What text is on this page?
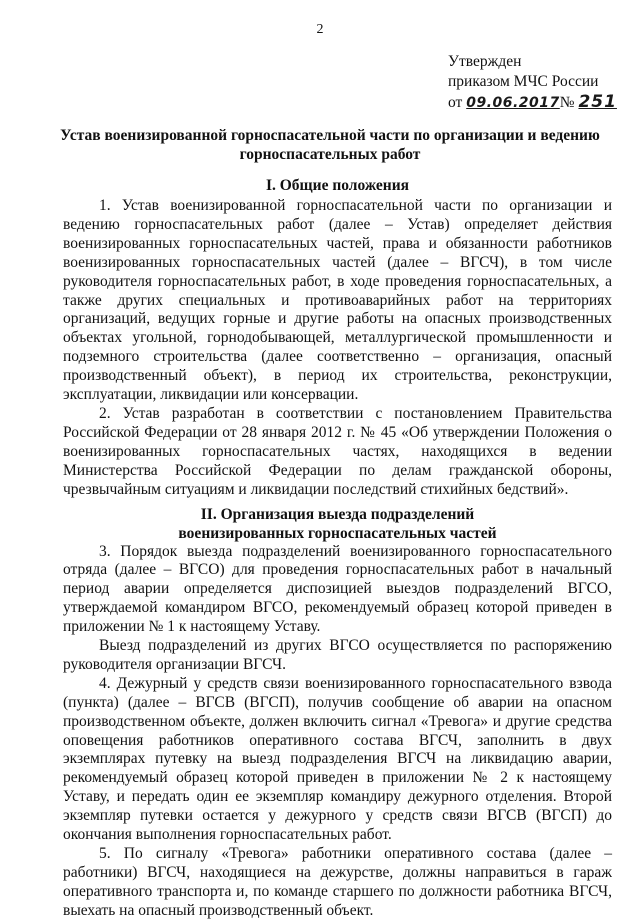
2
Утвержден
приказом МЧС России
от 09.06.2017№ 251
Устав военизированной горноспасательной части по организации и ведению горноспасательных работ
I. Общие положения

1. Устав военизированной горноспасательной части по организации и ведению горноспасательных работ (далее – Устав) определяет действия военизированных горноспасательных частей, права и обязанности работников военизированных горноспасательных частей (далее – ВГСЧ), в том числе руководителя горноспасательных работ, в ходе проведения горноспасательных, а также других специальных и противоаварийных работ на территориях организаций, ведущих горные и другие работы на опасных производственных объектах угольной, горнодобывающей, металлургической промышленности и подземного строительства (далее соответственно – организация, опасный производственный объект), в период их строительства, реконструкции, эксплуатации, ликвидации или консервации.

2. Устав разработан в соответствии с постановлением Правительства Российской Федерации от 28 января 2012 г. № 45 «Об утверждении Положения о военизированных горноспасательных частях, находящихся в ведении Министерства Российской Федерации по делам гражданской обороны, чрезвычайным ситуациям и ликвидации последствий стихийных бедствий».

II. Организация выезда подразделений
военизированных горноспасательных частей

3. Порядок выезда подразделений военизированного горноспасательного отряда (далее – ВГСО) для проведения горноспасательных работ в начальный период аварии определяется диспозицией выездов подразделений ВГСО, утверждаемой командиром ВГСО, рекомендуемый образец которой приведен в приложении № 1 к настоящему Уставу.

Выезд подразделений из других ВГСО осуществляется по распоряжению руководителя организации ВГСЧ.

4. Дежурный у средств связи военизированного горноспасательного взвода (пункта) (далее – ВГСВ (ВГСП), получив сообщение об аварии на опасном производственном объекте, должен включить сигнал «Тревога» и другие средства оповещения работников оперативного состава ВГСЧ, заполнить в двух экземплярах путевку на выезд подразделения ВГСЧ на ликвидацию аварии, рекомендуемый образец которой приведен в приложении № 2 к настоящему Уставу, и передать один ее экземпляр командиру дежурного отделения. Второй экземпляр путевки остается у дежурного у средств связи ВГСВ (ВГСП) до окончания выполнения горноспасательных работ.

5. По сигналу «Тревога» работники оперативного состава (далее – работники) ВГСЧ, находящиеся на дежурстве, должны направиться в гараж оперативного транспорта и, по команде старшего по должности работника ВГСЧ, выехать на опасный производственный объект.
